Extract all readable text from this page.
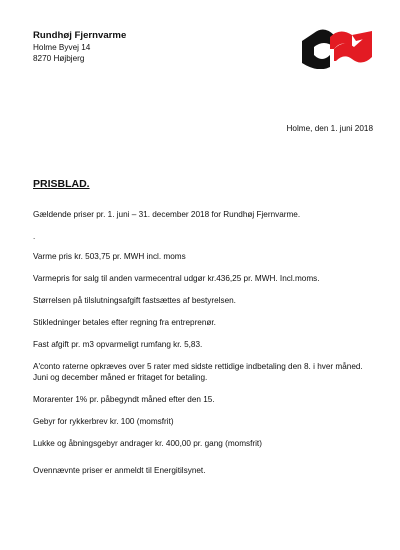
Rundhøj Fjernvarme
Holme Byvej 14
8270 Højbjerg
Holme, den 1. juni 2018
PRISBLAD.
Gældende priser pr. 1. juni – 31. december 2018 for Rundhøj Fjernvarme.
.
Varme pris kr. 503,75 pr. MWH incl. moms
Varmepris for salg til anden varmecentral udgør kr.436,25 pr. MWH. Incl.moms.
Størrelsen på tilslutningsafgift fastsættes af bestyrelsen.
Stikledninger betales efter regning fra entreprenør.
Fast afgift pr. m3 opvarmeligt rumfang kr. 5,83.
A'conto raterne opkræves over 5 rater med sidste rettidige indbetaling den 8. i hver måned.
Juni og december måned er fritaget for betaling.
Morarenter 1% pr. påbegyndt måned efter den 15.
Gebyr for rykkerbrev kr. 100 (momsfrit)
Lukke og åbningsgebyr andrager kr. 400,00 pr. gang (momsfrit)
Ovennævnte priser er anmeldt til Energitilsynet.
